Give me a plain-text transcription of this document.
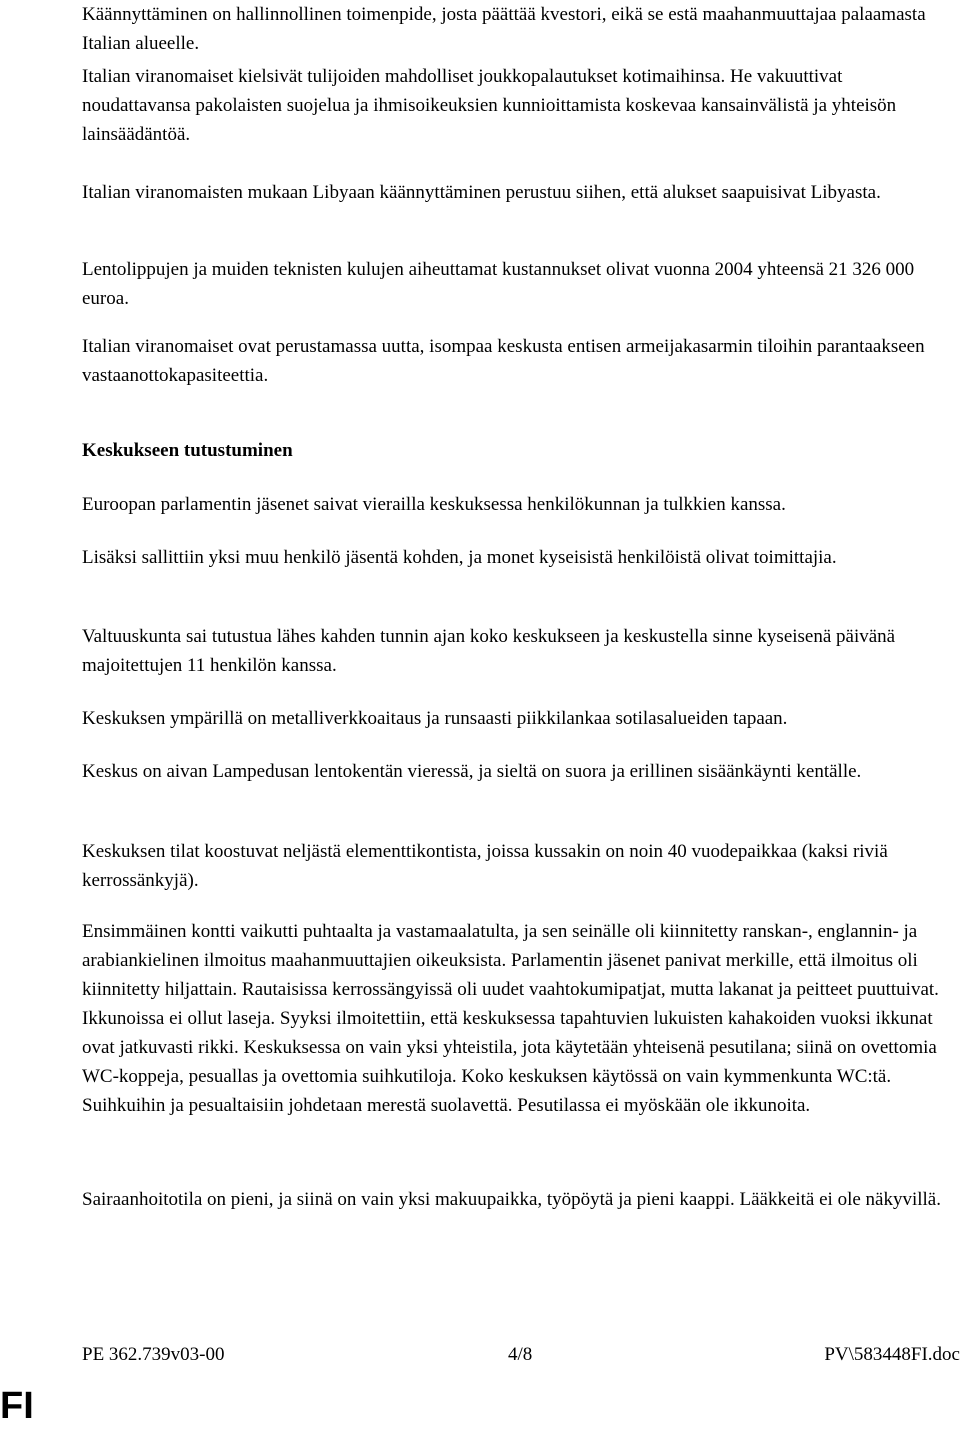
Käännyttäminen on hallinnollinen toimenpide, josta päättää kvestori, eikä se estä maahanmuuttajaa palaamasta Italian alueelle.

Italian viranomaiset kielsivät tulijoiden mahdolliset joukkopalautukset kotimaihinsa. He vakuuttivat noudattavansa pakolaisten suojelua ja ihmisoikeuksien kunnioittamista koskevaa kansainvälistä ja yhteisön lainsäädäntöä.

Italian viranomaisten mukaan Libyaan käännyttäminen perustuu siihen, että alukset saapuisivat Libyasta.

Lentolippujen ja muiden teknisten kulujen aiheuttamat kustannukset olivat vuonna 2004 yhteensä 21 326 000 euroa.

Italian viranomaiset ovat perustamassa uutta, isompaa keskusta entisen armeijakasarmin tiloihin parantaakseen vastaanottokapasiteettia.

Keskukseen tutustuminen

Euroopan parlamentin jäsenet saivat vierailla keskuksessa henkilökunnan ja tulkkien kanssa.

Lisäksi sallittiin yksi muu henkilö jäsentä kohden, ja monet kyseisistä henkilöistä olivat toimittajia.

Valtuuskunta sai tutustua lähes kahden tunnin ajan koko keskukseen ja keskustella sinne kyseisenä päivänä majoitettujen 11 henkilön kanssa.

Keskuksen ympärillä on metalliverkkoaitaus ja runsaasti piikkilankaa sotilasalueiden tapaan.

Keskus on aivan Lampedusan lentokentän vieressä, ja sieltä on suora ja erillinen sisäänkäynti kentälle.

Keskuksen tilat koostuvat neljästä elementtikontista, joissa kussakin on noin 40 vuodepaikkaa (kaksi riviä kerrossänkyjä).

Ensimmäinen kontti vaikutti puhtaalta ja vastamaalatulta, ja sen seinälle oli kiinnitetty ranskan-, englannin- ja arabiankielinen ilmoitus maahanmuuttajien oikeuksista. Parlamentin jäsenet panivat merkille, että ilmoitus oli kiinnitetty hiljattain. Rautaisissa kerrossängyissä oli uudet vaahtokumipatjat, mutta lakanat ja peitteet puuttuivat. Ikkunoissa ei ollut laseja. Syyksi ilmoitettiin, että keskuksessa tapahtuvien lukuisten kahakoiden vuoksi ikkunat ovat jatkuvasti rikki. Keskuksessa on vain yksi yhteistila, jota käytetään yhteisenä pesutilana; siinä on ovettomia WC-koppeja, pesuallas ja ovettomia suihkutiloja. Koko keskuksen käytössä on vain kymmenkunta WC:tä. Suihkuihin ja pesualtaisiin johdetaan merestä suolavettä. Pesutilassa ei myöskään ole ikkunoita.

Sairaanhoitotila on pieni, ja siinä on vain yksi makuupaikka, työpöytä ja pieni kaappi. Lääkkeitä ei ole näkyvillä.

PE 362.739v03-00	4/8	PV\583448FI.doc
FI
